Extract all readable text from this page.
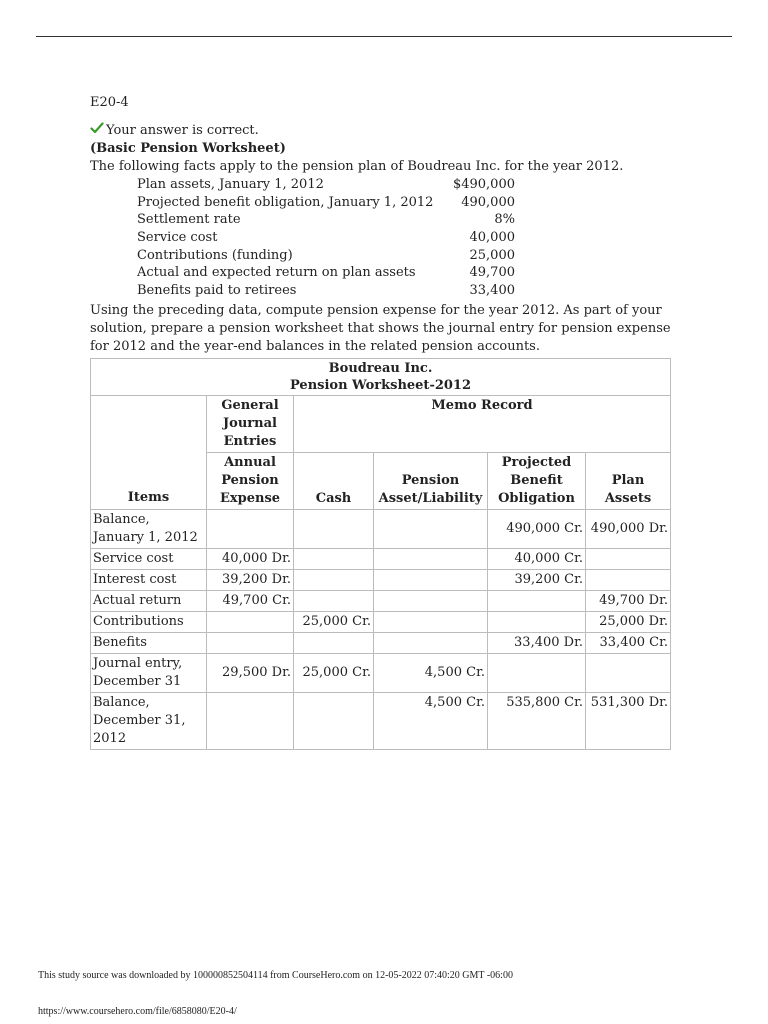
E20-4
Your answer is correct.
(Basic Pension Worksheet)
The following facts apply to the pension plan of Boudreau Inc. for the year 2012.
Plan assets, January 1, 2012	$490,000
Projected benefit obligation, January 1, 2012 490,000
Settlement rate	8%
Service cost	40,000
Contributions (funding)	25,000
Actual and expected return on plan assets	49,700
Benefits paid to retirees	33,400
Using the preceding data, compute pension expense for the year 2012. As part of your solution, prepare a pension worksheet that shows the journal entry for pension expense for 2012 and the year-end balances in the related pension accounts.
Boudreau Inc.
Pension Worksheet-2012					

Items	General Journal Entries	Memo Record			
	Annual Pension Expense	Cash	Pension Asset/Liability	Projected Benefit Obligation	Plan Assets
Balance, January 1, 2012				490,000 Cr.	490,000 Dr.
Service cost	40,000 Dr.			40,000 Cr.	
Interest cost	39,200 Dr.			39,200 Cr.	
Actual return	49,700 Cr.				49,700 Dr.
Contributions		25,000 Cr.			25,000 Dr.
Benefits				33,400 Dr.	33,400 Cr.
Journal entry, December 31	29,500 Dr.	25,000 Cr.	4,500 Cr.		
Balance, December 31, 2012			4,500 Cr.	535,800 Cr.	531,300 Dr.
This study source was downloaded by 100000852504114 from CourseHero.com on 12-05-2022 07:40:20 GMT -06:00
https://www.coursehero.com/file/6858080/E20-4/
